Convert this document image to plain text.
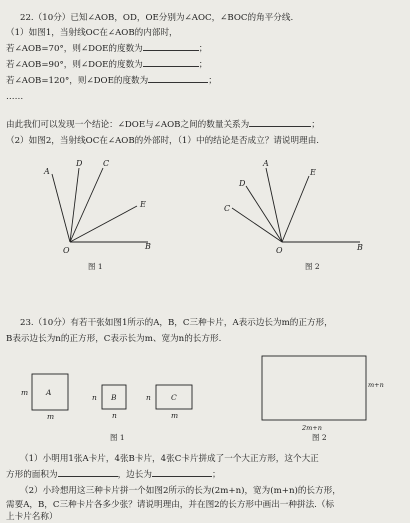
22.（10分）已知∠AOB，OD，OE分别为∠AOC，∠BOC的角平分线.
（1）如图1，当射线OC在∠AOB的内部时，
若∠AOB=70°，则∠DOE的度数为	；
若∠AOB=90°，则∠DOE的度数为	；
若∠AOB=120°，则∠DOE的度数为	；
……
由此我们可以发现一个结论：∠DOE与∠AOB之间的数量关系为	；
（2）如图2，当射线OC在∠AOB的外部时，（1）中的结论是否成立？请说明理由.
A
D	C
E
O	B
图 1
D
A
E
C
O	B
图 2
23.（10分）有若干张如图1所示的A，B，C三种卡片，A表示边长为m的正方形，
B表示边长为n的正方形，C表示长为m、宽为n的长方形.
A
m
m
B
n
n
C
n
m
m+n
2m+n
图 1	图 2
（1）小明用1张A卡片，4张B卡片，4张C卡片拼成了一个大正方形，这个大正
方形的面积为	，边长为	；
（2）小玲想用这三种卡片拼一个如图2所示的长为(2m+n)，宽为(m+n)的长方形，
需要A，B，C三种卡片各多少张？请说明理由，并在图2的长方形中画出一种拼法.（标
上卡片名称）
